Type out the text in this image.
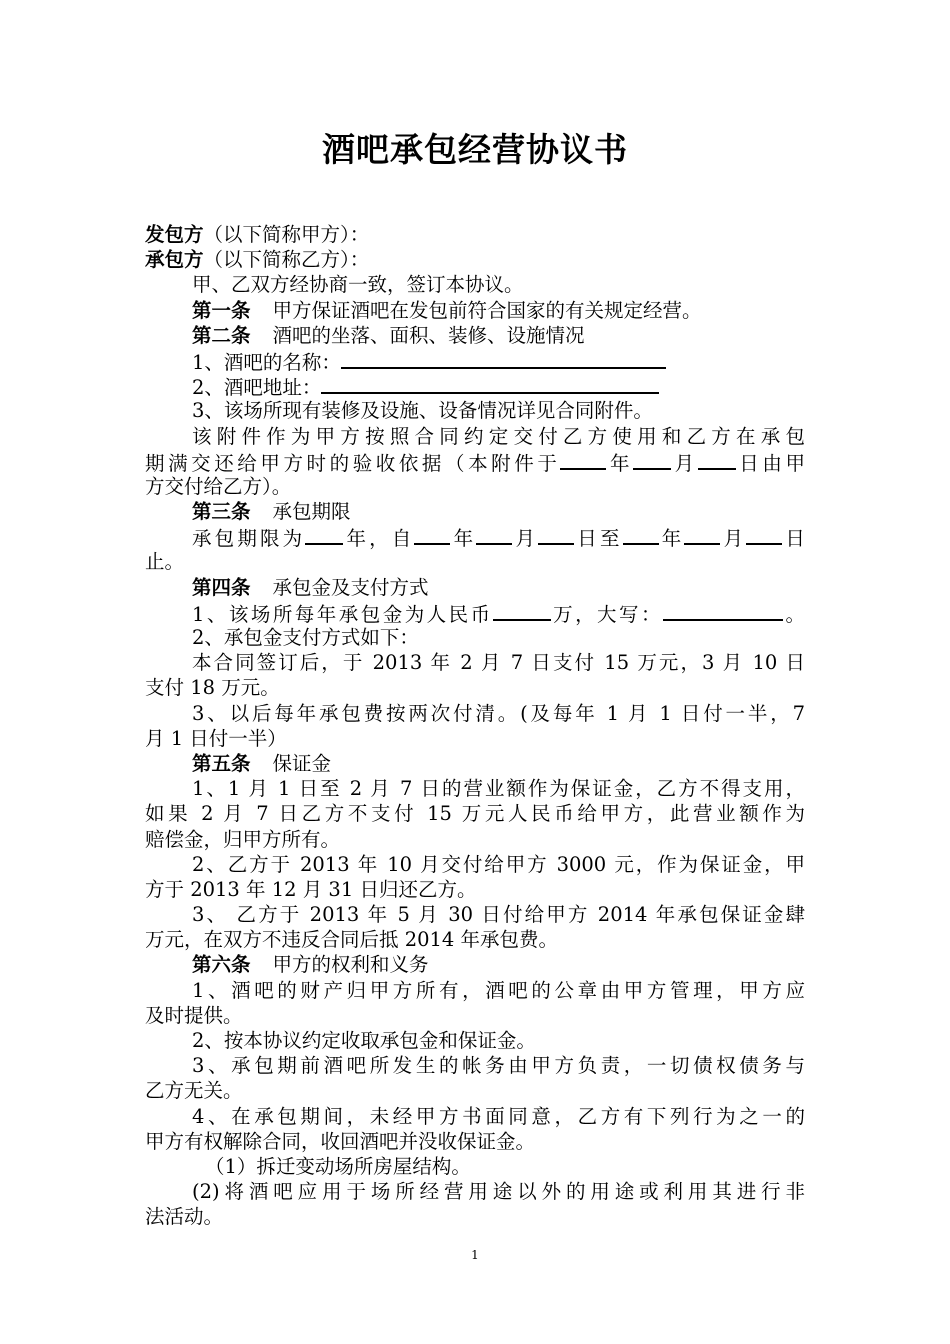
酒吧承包经营协议书
发包方（以下简称甲方）：
承包方（以下简称乙方）：
甲、乙双方经协商一致，签订本协议。
第一条 甲方保证酒吧在发包前符合国家的有关规定经营。
第二条 酒吧的坐落、面积、装修、设施情况
1、酒吧的名称：
2、酒吧地址：
3、该场所现有装修及设施、设备情况详见合同附件。
该附件作为甲方按照合同约定交付乙方使用和乙方在承包
期满交还给甲方时的验收依据（本附件于 年 月 日由甲
方交付给乙方）。
第三条 承包期限
承包期限为 年，自 年 月 日至 年 月 日
止。
第四条 承包金及支付方式
1、该场所每年承包金为人民币	万，大写：	。
2、承包金支付方式如下：
本合同签订后，于 2013 年 2 月 7 日支付 15 万元，3 月 10 日
支付 18 万元。
3、以后每年承包费按两次付清。(及每年 1 月 1 日付一半，7
月 1 日付一半）
第五条 保证金
1、1 月 1 日至 2 月 7 日的营业额作为保证金，乙方不得支用，
如果 2 月 7 日乙方不支付 15 万元人民币给甲方，此营业额作为
赔偿金，归甲方所有。
2、乙方于 2013 年 10 月交付给甲方 3000 元，作为保证金，甲
方于 2013 年 12 月 31 日归还乙方。
3、 乙方于 2013 年 5 月 30 日付给甲方 2014 年承包保证金肆
万元，在双方不违反合同后抵 2014 年承包费。
第六条 甲方的权利和义务
1、酒吧的财产归甲方所有，酒吧的公章由甲方管理，甲方应
及时提供。
2、按本协议约定收取承包金和保证金。
3、承包期前酒吧所发生的帐务由甲方负责，一切债权债务与
乙方无关。
4、在承包期间，未经甲方书面同意，乙方有下列行为之一的
甲方有权解除合同，收回酒吧并没收保证金。
（1）拆迁变动场所房屋结构。
(2)将酒吧应用于场所经营用途以外的用途或利用其进行非
法活动。
1
